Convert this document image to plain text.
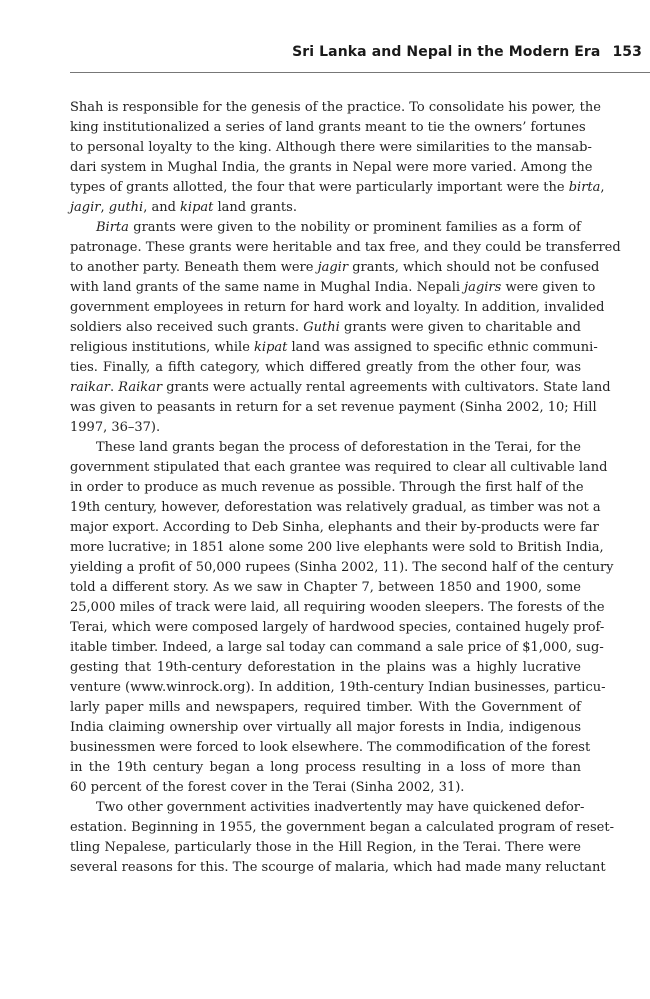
Sri Lanka and Nepal in the Modern Era 153
Shah is responsible for the genesis of the practice. To consolidate his power, the
king institutionalized a series of land grants meant to tie the owners’ fortunes
to personal loyalty to the king. Although there were similarities to the mansab-
dari system in Mughal India, the grants in Nepal were more varied. Among the
types of grants allotted, the four that were particularly important were the birta,
jagir, guthi, and kipat land grants.
Birta grants were given to the nobility or prominent families as a form of
patronage. These grants were heritable and tax free, and they could be transferred
to another party. Beneath them were jagir grants, which should not be confused
with land grants of the same name in Mughal India. Nepali jagirs were given to
government employees in return for hard work and loyalty. In addition, invalided
soldiers also received such grants. Guthi grants were given to charitable and
religious institutions, while kipat land was assigned to specific ethnic communi-
ties. Finally, a fifth category, which differed greatly from the other four, was
raikar. Raikar grants were actually rental agreements with cultivators. State land
was given to peasants in return for a set revenue payment (Sinha 2002, 10; Hill
1997, 36–37).
These land grants began the process of deforestation in the Terai, for the
government stipulated that each grantee was required to clear all cultivable land
in order to produce as much revenue as possible. Through the first half of the
19th century, however, deforestation was relatively gradual, as timber was not a
major export. According to Deb Sinha, elephants and their by-products were far
more lucrative; in 1851 alone some 200 live elephants were sold to British India,
yielding a profit of 50,000 rupees (Sinha 2002, 11). The second half of the century
told a different story. As we saw in Chapter 7, between 1850 and 1900, some
25,000 miles of track were laid, all requiring wooden sleepers. The forests of the
Terai, which were composed largely of hardwood species, contained hugely prof-
itable timber. Indeed, a large sal today can command a sale price of $1,000, sug-
gesting that 19th-century deforestation in the plains was a highly lucrative
venture (www.winrock.org). In addition, 19th-century Indian businesses, particu-
larly paper mills and newspapers, required timber. With the Government of
India claiming ownership over virtually all major forests in India, indigenous
businessmen were forced to look elsewhere. The commodification of the forest
in the 19th century began a long process resulting in a loss of more than
60 percent of the forest cover in the Terai (Sinha 2002, 31).
Two other government activities inadvertently may have quickened defor-
estation. Beginning in 1955, the government began a calculated program of reset-
tling Nepalese, particularly those in the Hill Region, in the Terai. There were
several reasons for this. The scourge of malaria, which had made many reluctant
